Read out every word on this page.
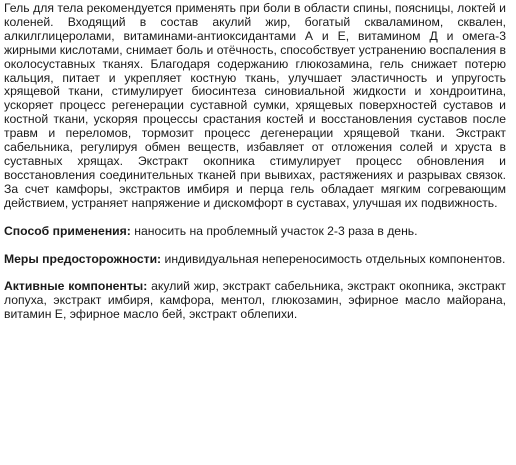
Гель для тела рекомендуется применять при боли в области спины, поясницы, локтей и коленей. Входящий в состав акулий жир, богатый скваламином, сквален, алкилглицеролами, витаминами-антиоксидантами А и Е, витамином Д и омега-3 жирными кислотами, снимает боль и отёчность, способствует устранению воспаления в околосуставных тканях. Благодаря содержанию глюкозамина, гель снижает потерю кальция, питает и укрепляет костную ткань, улучшает эластичность и упругость хрящевой ткани, стимулирует биосинтеза синовиальной жидкости и хондроитина, ускоряет процесс регенерации суставной сумки, хрящевых поверхностей суставов и костной ткани, ускоряя процессы срастания костей и восстановления суставов после травм и переломов, тормозит процесс дегенерации хрящевой ткани. Экстракт сабельника, регулируя обмен веществ, избавляет от отложения солей и хруста в суставных хрящах. Экстракт окопника стимулирует процесс обновления и восстановления соединительных тканей при вывихах, растяжениях и разрывах связок. За счет камфоры, экстрактов имбиря и перца гель обладает мягким согревающим действием, устраняет напряжение и дискомфорт в суставах, улучшая их подвижность.

Способ применения: наносить на проблемный участок 2-3 раза в день.

Меры предосторожности: индивидуальная непереносимость отдельных компонентов.

Активные компоненты: акулий жир, экстракт сабельника, экстракт окопника, экстракт лопуха, экстракт имбиря, камфора, ментол, глюкозамин, эфирное масло майорана, витамин Е, эфирное масло бей, экстракт облепихи.
